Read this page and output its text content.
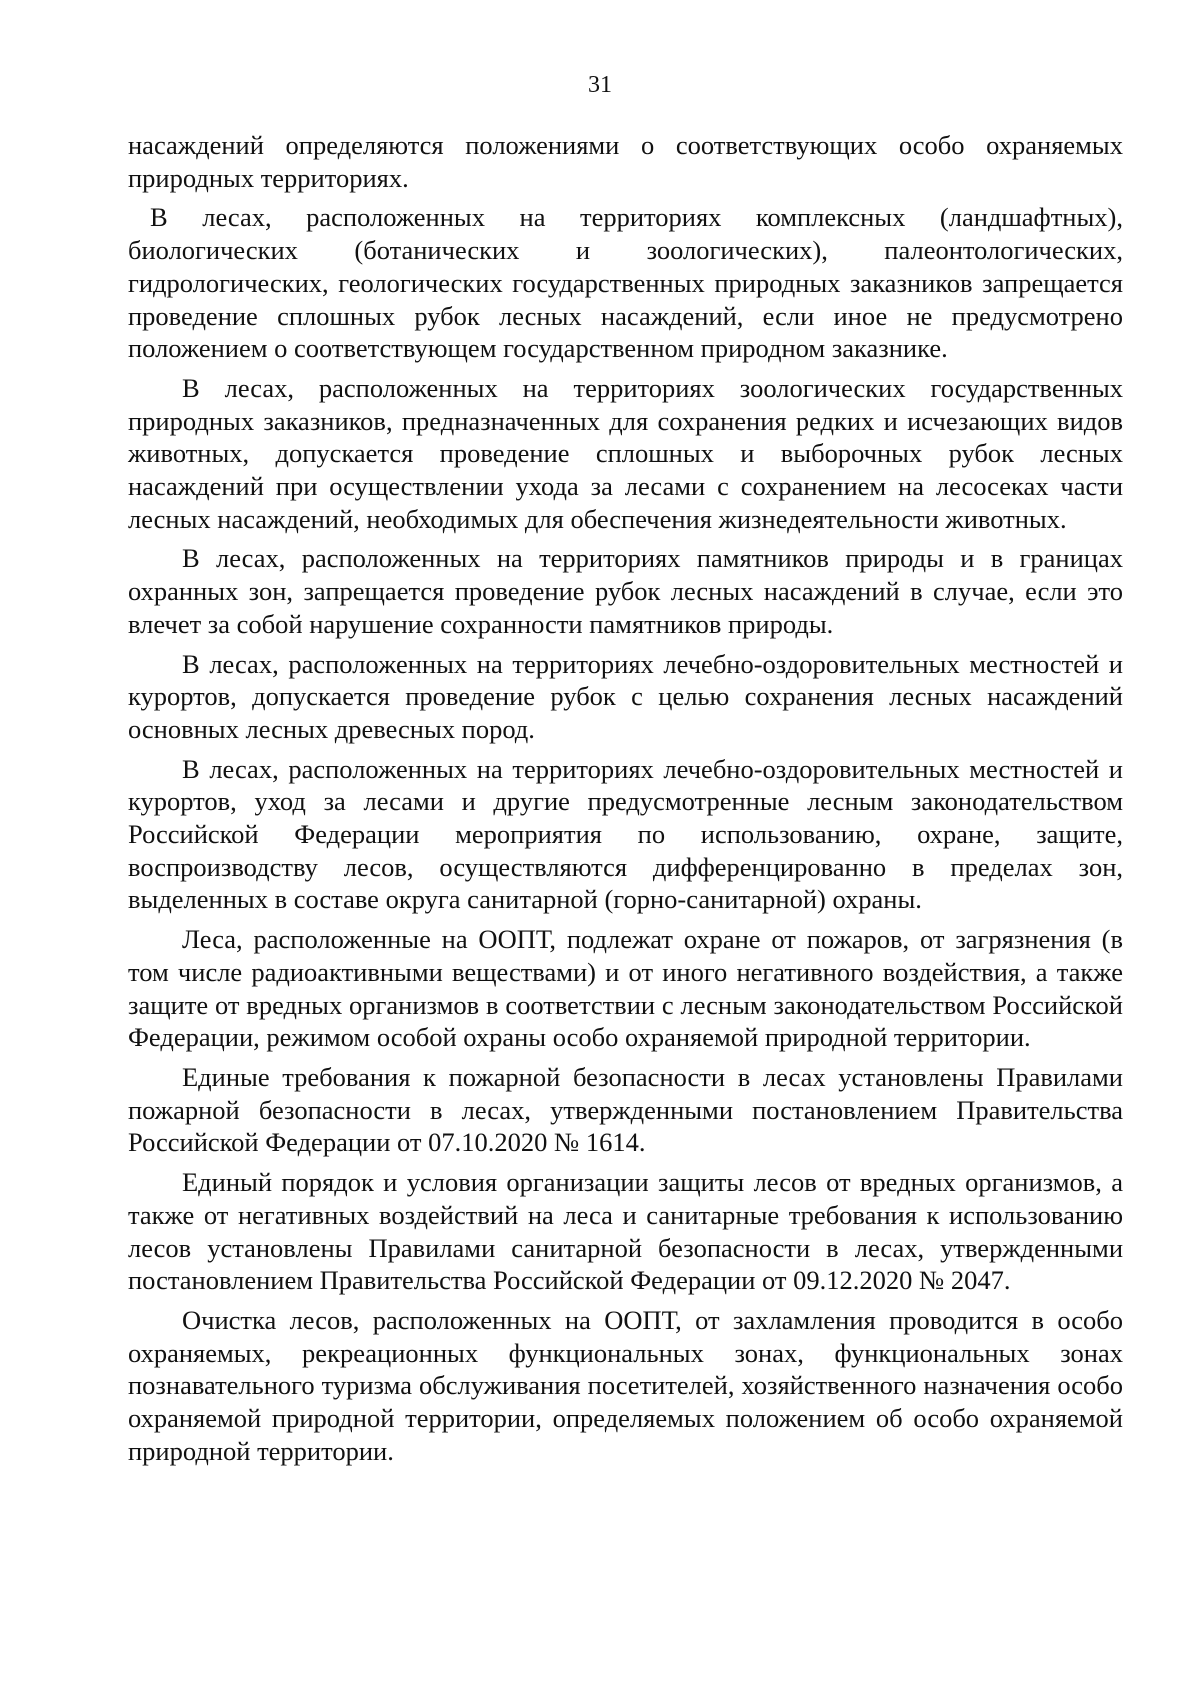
31

насаждений определяются положениями о соответствующих особо охраняемых природных территориях.

В лесах, расположенных на территориях комплексных (ландшафтных), биологических (ботанических и зоологических), палеонтологических, гидрологических, геологических государственных природных заказников запрещается проведение сплошных рубок лесных насаждений, если иное не предусмотрено положением о соответствующем государственном природном заказнике.

В лесах, расположенных на территориях зоологических государственных природных заказников, предназначенных для сохранения редких и исчезающих видов животных, допускается проведение сплошных и выборочных рубок лесных насаждений при осуществлении ухода за лесами с сохранением на лесосеках части лесных насаждений, необходимых для обеспечения жизнедеятельности животных.

В лесах, расположенных на территориях памятников природы и в границах охранных зон, запрещается проведение рубок лесных насаждений в случае, если это влечет за собой нарушение сохранности памятников природы.

В лесах, расположенных на территориях лечебно-оздоровительных местностей и курортов, допускается проведение рубок с целью сохранения лесных насаждений основных лесных древесных пород.

В лесах, расположенных на территориях лечебно-оздоровительных местностей и курортов, уход за лесами и другие предусмотренные лесным законодательством Российской Федерации мероприятия по использованию, охране, защите, воспроизводству лесов, осуществляются дифференцированно в пределах зон, выделенных в составе округа санитарной (горно-санитарной) охраны.

Леса, расположенные на ООПТ, подлежат охране от пожаров, от загрязнения (в том числе радиоактивными веществами) и от иного негативного воздействия, а также защите от вредных организмов в соответствии с лесным законодательством Российской Федерации, режимом особой охраны особо охраняемой природной территории.

Единые требования к пожарной безопасности в лесах установлены Правилами пожарной безопасности в лесах, утвержденными постановлением Правительства Российской Федерации от 07.10.2020 № 1614.

Единый порядок и условия организации защиты лесов от вредных организмов, а также от негативных воздействий на леса и санитарные требования к использованию лесов установлены Правилами санитарной безопасности в лесах, утвержденными постановлением Правительства Российской Федерации от 09.12.2020 № 2047.

Очистка лесов, расположенных на ООПТ, от захламления проводится в особо охраняемых, рекреационных функциональных зонах, функциональных зонах познавательного туризма обслуживания посетителей, хозяйственного назначения особо охраняемой природной территории, определяемых положением об особо охраняемой природной территории.
